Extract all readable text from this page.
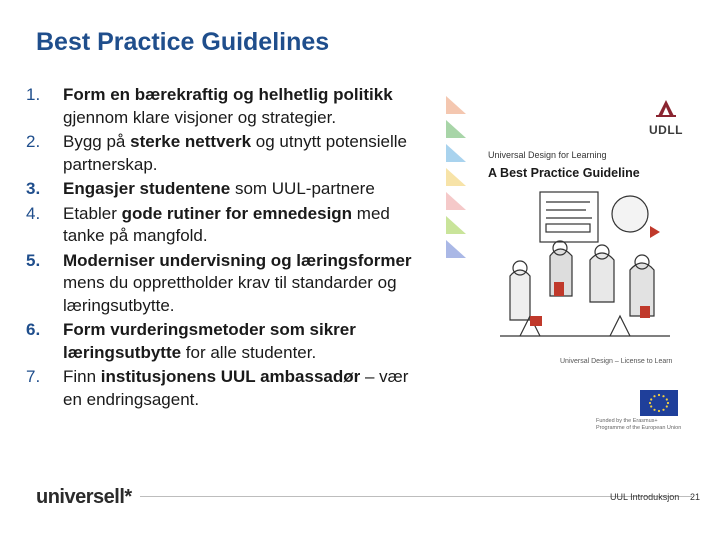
Best Practice Guidelines
1.	Form en bærekraftig og helhetlig politikk gjennom klare visjoner og strategier.
2.	Bygg på sterke nettverk og utnytt potensielle partnerskap.
3.	Engasjer studentene som UUL-partnere
4.	Etabler gode rutiner for emnedesign med tanke på mangfold.
5.	Moderniser undervisning og læringsformer mens du opprettholder krav til standarder og læringsutbytte.
6.	Form vurderingsmetoder som sikrer læringsutbytte for alle studenter.
7.	Finn institusjonens UUL ambassadør – vær en endringsagent.
UDLL
Universal Design for Learning
A Best Practice Guideline
Universal Design – License to Learn
Funded by the Erasmus+ Programme of the European Union
universell*	UUL Introduksjon 21
